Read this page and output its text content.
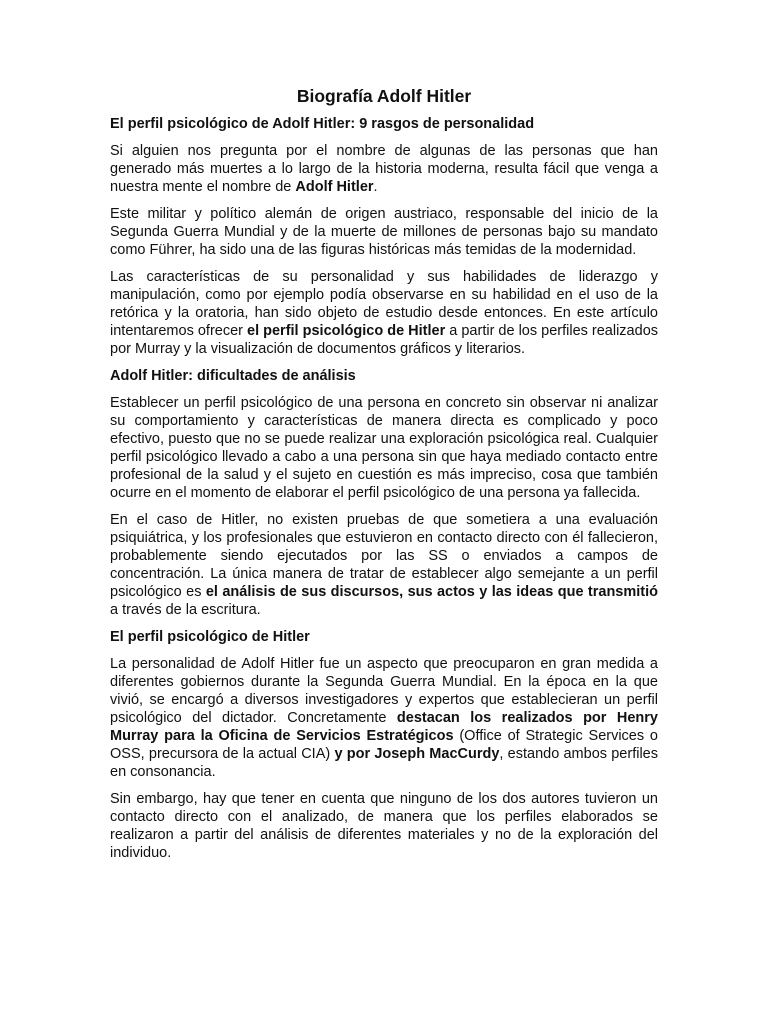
Biografía Adolf Hitler
El perfil psicológico de Adolf Hitler: 9 rasgos de personalidad

Si alguien nos pregunta por el nombre de algunas de las personas que han generado más muertes a lo largo de la historia moderna, resulta fácil que venga a nuestra mente el nombre de Adolf Hitler.

Este militar y político alemán de origen austriaco, responsable del inicio de la Segunda Guerra Mundial y de la muerte de millones de personas bajo su mandato como Führer, ha sido una de las figuras históricas más temidas de la modernidad.

Las características de su personalidad y sus habilidades de liderazgo y manipulación, como por ejemplo podía observarse en su habilidad en el uso de la retórica y la oratoria, han sido objeto de estudio desde entonces. En este artículo intentaremos ofrecer el perfil psicológico de Hitler a partir de los perfiles realizados por Murray y la visualización de documentos gráficos y literarios.

Adolf Hitler: dificultades de análisis

Establecer un perfil psicológico de una persona en concreto sin observar ni analizar su comportamiento y características de manera directa es complicado y poco efectivo, puesto que no se puede realizar una exploración psicológica real. Cualquier perfil psicológico llevado a cabo a una persona sin que haya mediado contacto entre profesional de la salud y el sujeto en cuestión es más impreciso, cosa que también ocurre en el momento de elaborar el perfil psicológico de una persona ya fallecida.

En el caso de Hitler, no existen pruebas de que sometiera a una evaluación psiquiátrica, y los profesionales que estuvieron en contacto directo con él fallecieron, probablemente siendo ejecutados por las SS o enviados a campos de concentración. La única manera de tratar de establecer algo semejante a un perfil psicológico es el análisis de sus discursos, sus actos y las ideas que transmitió a través de la escritura.

El perfil psicológico de Hitler

La personalidad de Adolf Hitler fue un aspecto que preocuparon en gran medida a diferentes gobiernos durante la Segunda Guerra Mundial. En la época en la que vivió, se encargó a diversos investigadores y expertos que establecieran un perfil psicológico del dictador. Concretamente destacan los realizados por Henry Murray para la Oficina de Servicios Estratégicos (Office of Strategic Services o OSS, precursora de la actual CIA) y por Joseph MacCurdy, estando ambos perfiles en consonancia.

Sin embargo, hay que tener en cuenta que ninguno de los dos autores tuvieron un contacto directo con el analizado, de manera que los perfiles elaborados se realizaron a partir del análisis de diferentes materiales y no de la exploración del individuo.
